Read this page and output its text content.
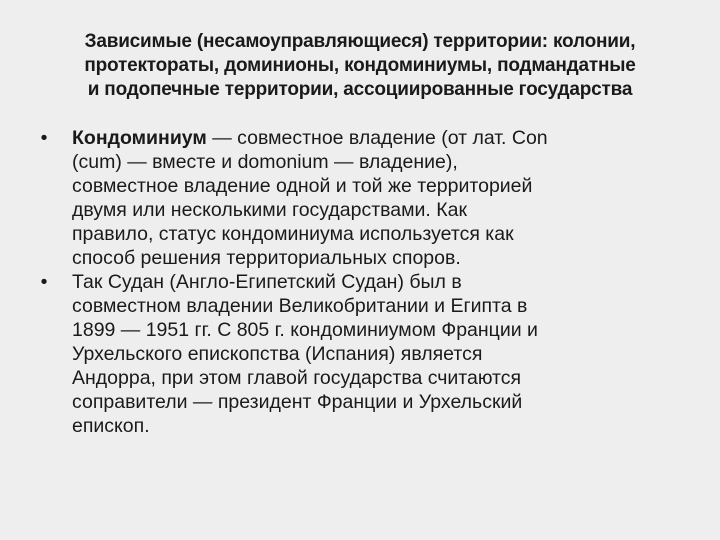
Зависимые (несамоуправляющиеся) территории: колонии,
протектораты, доминионы, кондоминиумы, подмандатные
и подопечные территории, ассоциированные государства
•	Кондоминиум — совместное владение (от лат. Con
(cum) — вместе и domonium — владение),
совместное владение одной и той же территорией
двумя или несколькими государствами. Как
правило, статус кондоминиума используется как
способ решения территориальных споров.
•	Так Судан (Англо-Египетский Судан) был в
совместном владении Великобритании и Египта в
1899 — 1951 гг. С 805 г. кондоминиумом Франции и
Урхельского епископства (Испания) является
Андорра, при этом главой государства считаются
соправители — президент Франции и Урхельский
епископ.
